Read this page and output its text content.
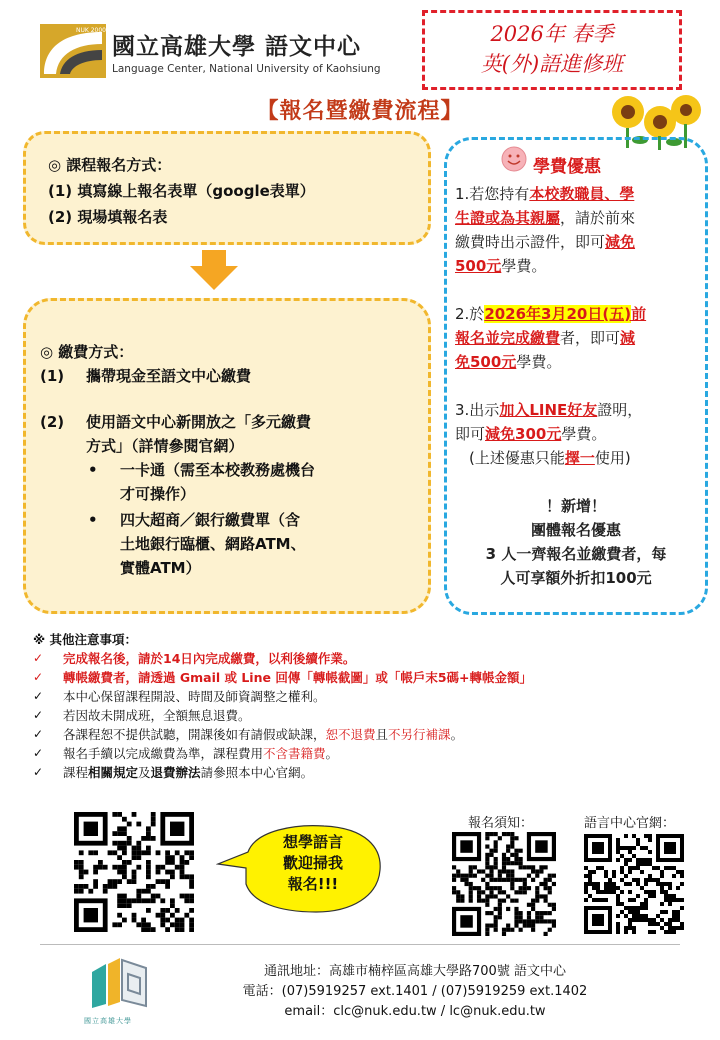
NUK 2000
國立高雄大學 語文中心
Language Center, National University of Kaohsiung
2026年 春季
英(外)語進修班
【報名暨繳費流程】
◎ 課程報名方式：
(1) 填寫線上報名表單（google表單）
(2) 現場填報名表
◎ 繳費方式：
(1) 攜帶現金至語文中心繳費
(2) 使用語文中心新開放之「多元繳費
方式」（詳情參閱官網）
• 一卡通（需至本校教務處機台
才可操作）
• 四大超商／銀行繳費單（含
土地銀行臨櫃、網路ATM、
實體ATM）
學費優惠
1.若您持有本校教職員、學
生證或為其親屬，請於前來
繳費時出示證件，即可減免
500元學費。
2.於2026年3月20日(五)前
報名並完成繳費者，即可減
免500元學費。
3.出示加入LINE好友證明，
即可減免300元學費。
(上述優惠只能擇一使用)
！新增！
團體報名優惠
3 人一齊報名並繳費者，每
人可享額外折扣100元
※ 其他注意事項：
✓ 完成報名後，請於14日內完成繳費，以利後續作業。
✓ 轉帳繳費者，請透過 Gmail 或 Line 回傳「轉帳截圖」或「帳戶末5碼+轉帳金額」
✓ 本中心保留課程開設、時間及師資調整之權利。
✓ 若因故未開成班，全額無息退費。
✓ 各課程恕不提供試聽，開課後如有請假或缺課，恕不退費且不另行補課。
✓ 報名手續以完成繳費為準，課程費用不含書籍費。
✓ 課程相關規定及退費辦法請參照本中心官網。
想學語言
歡迎掃我
報名!!!
報名須知：	語言中心官網：
國立高雄大學
通訊地址：高雄市楠梓區高雄大學路700號 語文中心
電話：(07)5919257 ext.1401 / (07)5919259 ext.1402
email：clc@nuk.edu.tw / lc@nuk.edu.tw
